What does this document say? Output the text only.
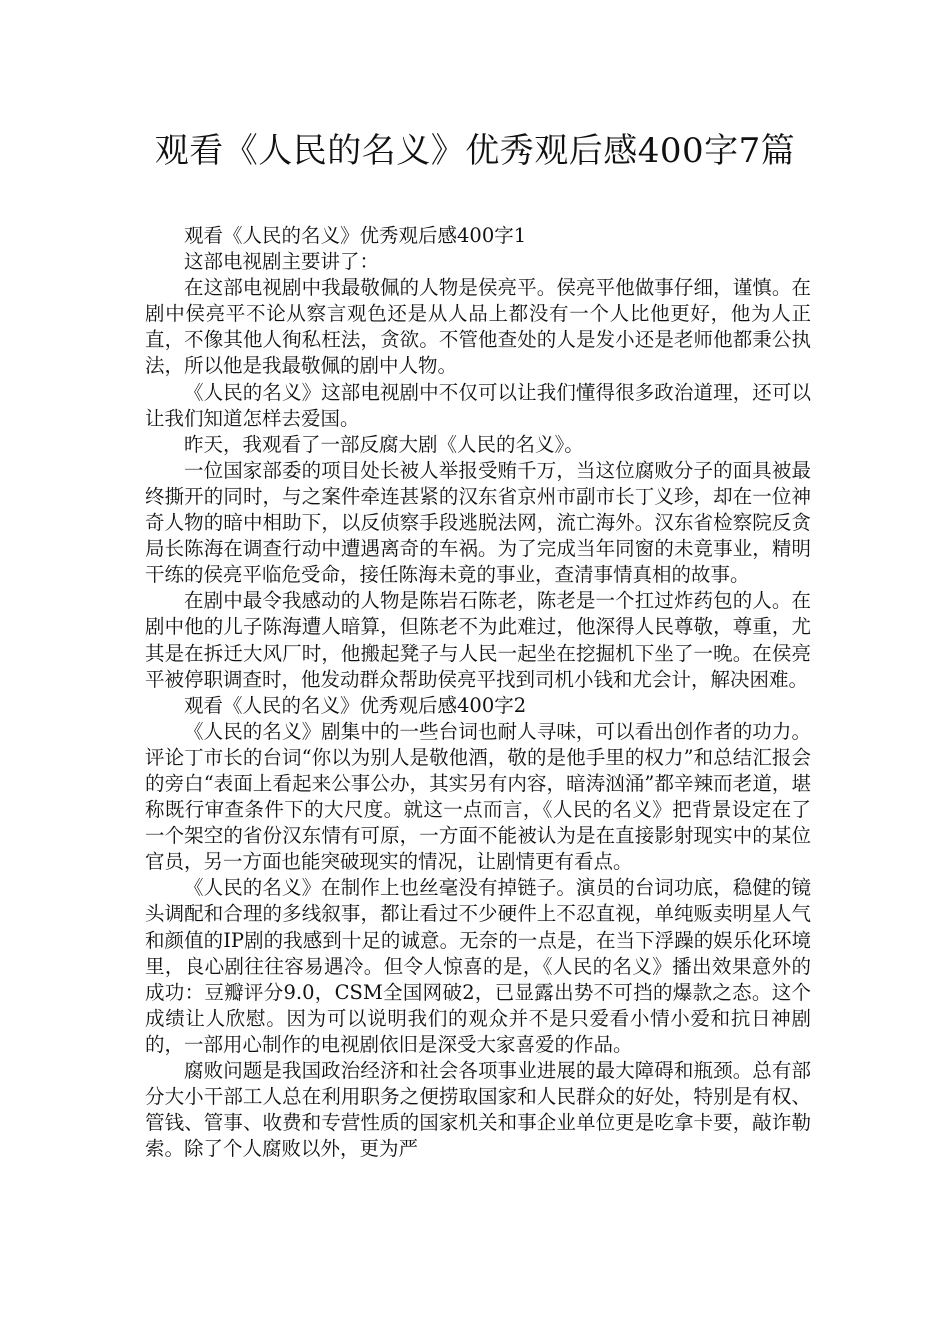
观看《人民的名义》优秀观后感400字7篇

观看《人民的名义》优秀观后感400字1

这部电视剧主要讲了：

在这部电视剧中我最敬佩的人物是侯亮平。侯亮平他做事仔细，谨慎。在剧中侯亮平不论从察言观色还是从人品上都没有一个人比他更好，他为人正直，不像其他人徇私枉法，贪欲。不管他查处的人是发小还是老师他都秉公执法，所以他是我最敬佩的剧中人物。

《人民的名义》这部电视剧中不仅可以让我们懂得很多政治道理，还可以让我们知道怎样去爱国。

昨天，我观看了一部反腐大剧《人民的名义》。

一位国家部委的项目处长被人举报受贿千万，当这位腐败分子的面具被最终撕开的同时，与之案件牵连甚紧的汉东省京州市副市长丁义珍，却在一位神奇人物的暗中相助下，以反侦察手段逃脱法网，流亡海外。汉东省检察院反贪局长陈海在调查行动中遭遇离奇的车祸。为了完成当年同窗的未竟事业，精明干练的侯亮平临危受命，接任陈海未竟的事业，查清事情真相的故事。

在剧中最令我感动的人物是陈岩石陈老，陈老是一个扛过炸药包的人。在剧中他的儿子陈海遭人暗算，但陈老不为此难过，他深得人民尊敬，尊重，尤其是在拆迁大风厂时，他搬起凳子与人民一起坐在挖掘机下坐了一晚。在侯亮平被停职调查时，他发动群众帮助侯亮平找到司机小钱和尤会计，解决困难。

观看《人民的名义》优秀观后感400字2

《人民的名义》剧集中的一些台词也耐人寻味，可以看出创作者的功力。评论丁市长的台词“你以为别人是敬他酒，敬的是他手里的权力”和总结汇报会的旁白“表面上看起来公事公办，其实另有内容，暗涛汹涌”都辛辣而老道，堪称既行审查条件下的大尺度。就这一点而言，《人民的名义》把背景设定在了一个架空的省份汉东情有可原，一方面不能被认为是在直接影射现实中的某位官员，另一方面也能突破现实的情况，让剧情更有看点。

《人民的名义》在制作上也丝毫没有掉链子。演员的台词功底，稳健的镜头调配和合理的多线叙事，都让看过不少硬件上不忍直视，单纯贩卖明星人气和颜值的IP剧的我感到十足的诚意。无奈的一点是，在当下浮躁的娱乐化环境里，良心剧往往容易遇冷。但令人惊喜的是，《人民的名义》播出效果意外的成功：豆瓣评分9.0，CSM全国网破2，已显露出势不可挡的爆款之态。这个成绩让人欣慰。因为可以说明我们的观众并不是只爱看小情小爱和抗日神剧的，一部用心制作的电视剧依旧是深受大家喜爱的作品。

腐败问题是我国政治经济和社会各项事业进展的最大障碍和瓶颈。总有部分大小干部工人总在利用职务之便捞取国家和人民群众的好处，特别是有权、管钱、管事、收费和专营性质的国家机关和事企业单位更是吃拿卡要，敲诈勒索。除了个人腐败以外，更为严
